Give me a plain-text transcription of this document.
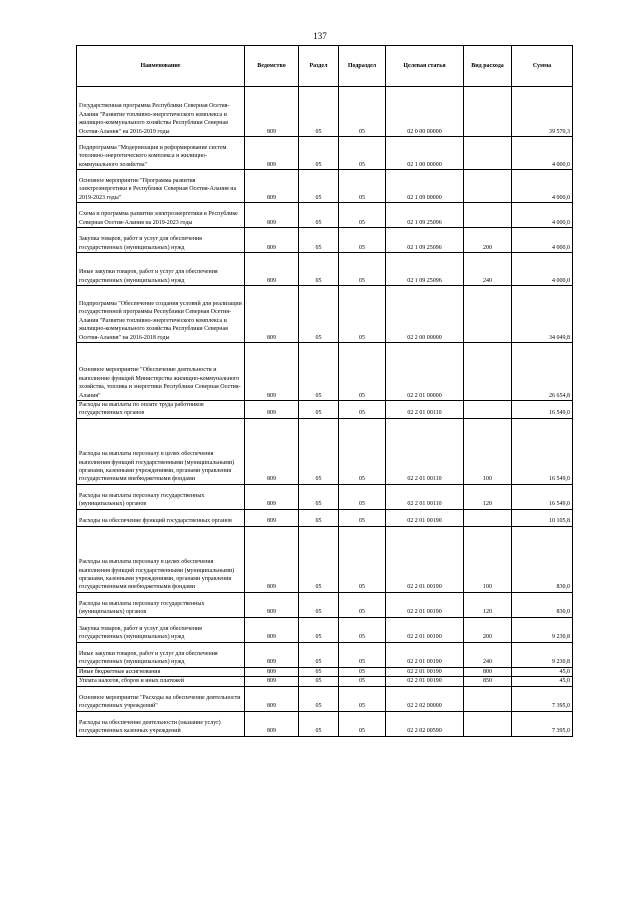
137
Наименование	Ведомство	Раздел	Подраздел	Целевая статья	Вид расхода	Сумма
Государственная программа Республики Северная Осетия-Алания "Развитие топливно-энергетического комплекса и жилищно-коммунального хозяйства Республики Северная Осетия-Алания" на 2016-2019 годы	809	05	05	02 0 00 00000		39 570,3
Подпрограмма "Модернизация и реформирование систем топливно-энергетического комплекса и жилищно-коммунального хозяйства"	809	05	05	02 1 00 00000		4 000,0
Основное мероприятие "Программа развития электроэнергетики в Республике Северная Осетия-Алания на 2019-2023 годы"	809	05	05	02 1 09 00000		4 000,0
Схема и программа развития электроэнергетики в Республике Северная Осетия-Алания на 2019-2023 годы	809	05	05	02 1 09 25096		4 000,0
Закупка товаров, работ и услуг для обеспечения государственных (муниципальных) нужд	809	05	05	02 1 09 25096	200	4 000,0
Иные закупки товаров, работ и услуг для обеспечения государственных (муниципальных) нужд	809	05	05	02 1 09 25096	240	4 000,0
Подпрограмма "Обеспечение создания условий для реализации государственной программы Республики Северная Осетия-Алания "Развитие топливно-энергетического комплекса и жилищно-коммунального хозяйства Республики Северная Осетия-Алания" на 2016-2018 годы	809	05	05	02 2 00 00000		34 049,8
Основное мероприятие "Обеспечение деятельности и выполнение функций Министерства жилищно-коммунального хозяйства, топлива и энергетики Республики Северная Осетия-Алания"	809	05	05	02 2 01 00000		26 654,8
Расходы на выплаты по оплате труда работников государственных органов	809	05	05	02 2 01 00110		16 549,0
Расходы на выплаты персоналу в целях обеспечения выполнения функций государственными (муниципальными) органами, казенными учреждениями, органами управления государственными внебюджетными фондами	809	05	05	02 2 01 00110	100	16 549,0
Расходы на выплаты персоналу государственных (муниципальных) органов	809	05	05	02 2 01 00110	120	16 549,0
Расходы на обеспечение функций государственных органов	809	05	05	02 2 01 00190		10 105,8
Расходы на выплаты персоналу в целях обеспечения выполнения функций государственными (муниципальными) органами, казенными учреждениями, органами управления государственными внебюджетными фондами	809	05	05	02 2 01 00190	100	830,0
Расходы на выплаты персоналу государственных (муниципальных) органов	809	05	05	02 2 01 00190	120	830,0
Закупка товаров, работ и услуг для обеспечения государственных (муниципальных) нужд	809	05	05	02 2 01 00190	200	9 230,8
Иные закупки товаров, работ и услуг для обеспечения государственных (муниципальных) нужд	809	05	05	02 2 01 00190	240	9 230,8
Иные бюджетные ассигнования	809	05	05	02 2 01 00190	800	45,0
Уплата налогов, сборов и иных платежей	809	05	05	02 2 01 00190	850	45,0
Основное мероприятие "Расходы на обеспечение деятельности государственных учреждений"	809	05	05	02 2 02 00000		7 395,0
Расходы на обеспечение деятельности (оказание услуг) государственных казенных учреждений	809	05	05	02 2 02 00590		7 395,0
